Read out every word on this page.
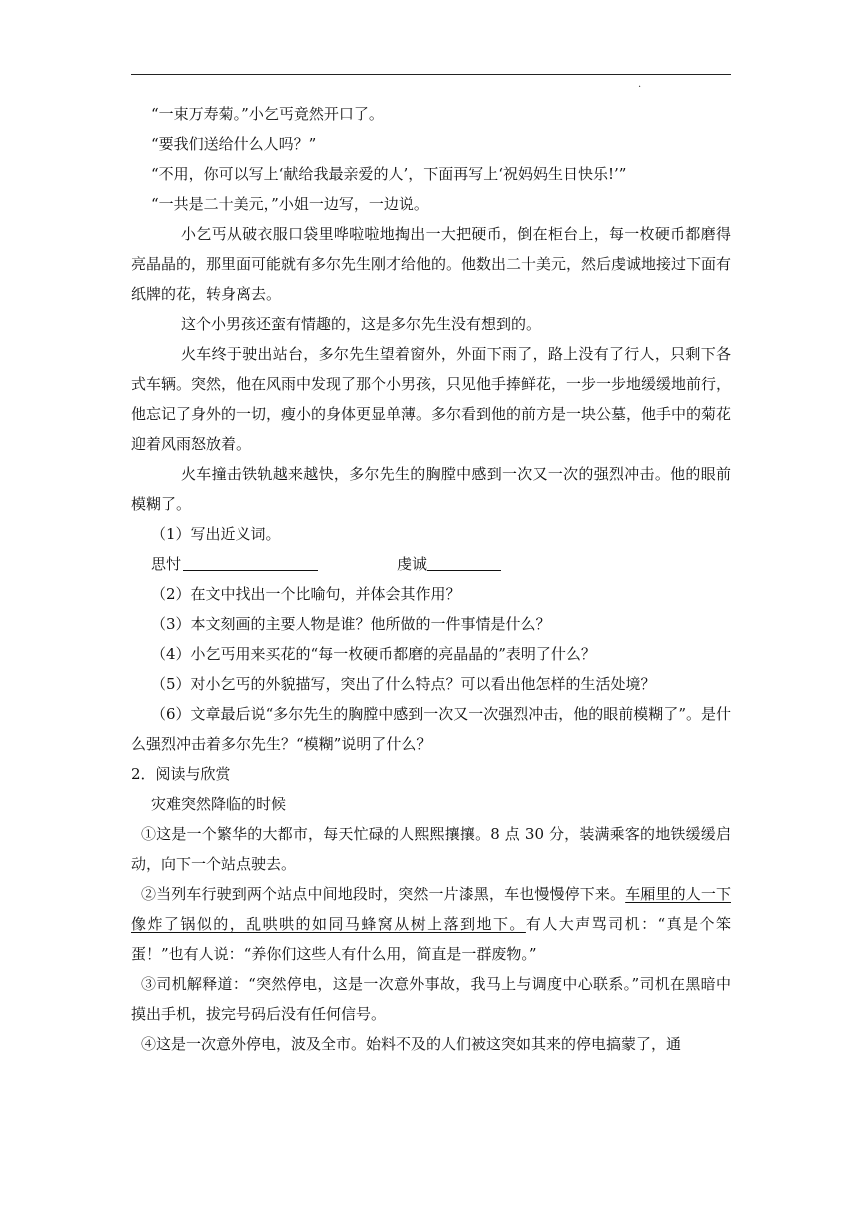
.

“一束万寿菊。”小乞丐竟然开口了。

“要我们送给什么人吗？”

“不用，你可以写上‘献给我最亲爱的人’，下面再写上‘祝妈妈生日快乐!’”

“一共是二十美元，”小姐一边写，一边说。

小乞丐从破衣服口袋里哗啦啦地掏出一大把硬币，倒在柜台上，每一枚硬币都磨得亮晶晶的，那里面可能就有多尔先生刚才给他的。他数出二十美元，然后虔诚地接过下面有纸牌的花，转身离去。

这个小男孩还蛮有情趣的，这是多尔先生没有想到的。

火车终于驶出站台，多尔先生望着窗外，外面下雨了，路上没有了行人，只剩下各式车辆。突然，他在风雨中发现了那个小男孩，只见他手捧鲜花，一步一步地缓缓地前行，他忘记了身外的一切，瘦小的身体更显单薄。多尔看到他的前方是一块公墓，他手中的菊花迎着风雨怒放着。

火车撞击铁轨越来越快，多尔先生的胸膛中感到一次又一次的强烈冲击。他的眼前模糊了。

（1）写出近义词。

思忖	虔诚

（2）在文中找出一个比喻句，并体会其作用？

（3）本文刻画的主要人物是谁？他所做的一件事情是什么？

（4）小乞丐用来买花的“每一枚硬币都磨的亮晶晶的”表明了什么？

（5）对小乞丐的外貌描写，突出了什么特点？可以看出他怎样的生活处境？

（6）文章最后说“多尔先生的胸膛中感到一次又一次强烈冲击，他的眼前模糊了”。是什么强烈冲击着多尔先生？“模糊”说明了什么？

2．阅读与欣赏

灾难突然降临的时候

①这是一个繁华的大都市，每天忙碌的人熙熙攘攘。8 点 30 分，装满乘客的地铁缓缓启动，向下一个站点驶去。

②当列车行驶到两个站点中间地段时，突然一片漆黑，车也慢慢停下来。车厢里的人一下像炸了锅似的，乱哄哄的如同马蜂窝从树上落到地下。有人大声骂司机：“真是个笨蛋！”也有人说：“养你们这些人有什么用，简直是一群废物。”

③司机解释道：“突然停电，这是一次意外事故，我马上与调度中心联系。”司机在黑暗中摸出手机，拔完号码后没有任何信号。

④这是一次意外停电，波及全市。始料不及的人们被这突如其来的停电搞蒙了，通
